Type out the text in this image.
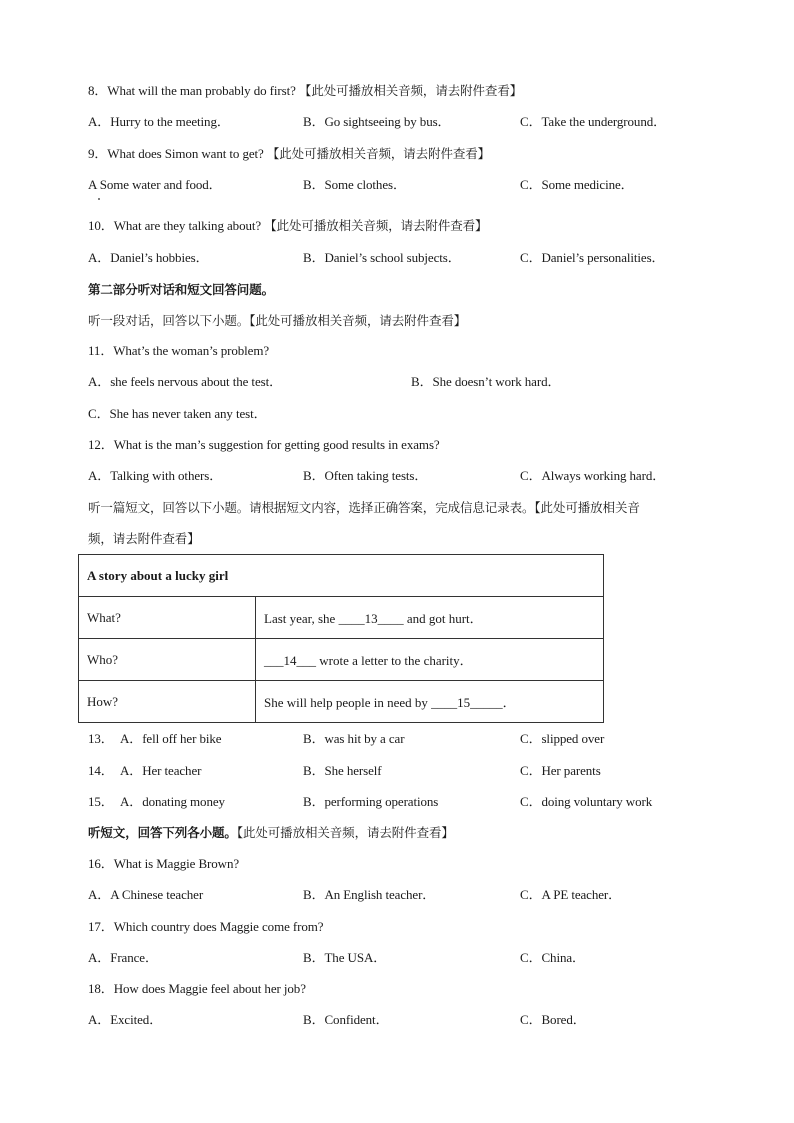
8．What will the man probably do first? 【此处可播放相关音频，请去附件查看】
A．Hurry to the meeting．	B．Go sightseeing by bus．	C．Take the underground．
9．What does Simon want to get? 【此处可播放相关音频，请去附件查看】
A Some water and food．	B．Some clothes．	C．Some medicine．
10．What are they talking about? 【此处可播放相关音频，请去附件查看】
A．Daniel’s hobbies．	B．Daniel’s school subjects．	C．Daniel’s personalities．
第二部分听对话和短文回答问题。
听一段对话，回答以下小题。【此处可播放相关音频，请去附件查看】
11．What’s the woman’s problem?
A．she feels nervous about the test．	B．She doesn’t work hard．
C．She has never taken any test．
12．What is the man’s suggestion for getting good results in exams?
A．Talking with others．	B．Often taking tests．	C．Always working hard．
听一篇短文，回答以下小题。请根据短文内容，选择正确答案，完成信息记录表。【此处可播放相关音
频，请去附件查看】
A story about a lucky girl	
What?	Last year, she ____13____ and got hurt．
Who?	___14___ wrote a letter to the charity．
How?	She will help people in need by ____15_____．
13． A．fell off her bike	B．was hit by a car	C．slipped over
14． A．Her teacher	B．She herself	C．Her parents
15． A．donating money	B．performing operations	C．doing voluntary work
听短文，回答下列各小题。【此处可播放相关音频，请去附件查看】
16．What is Maggie Brown?
A．A Chinese teacher	B．An English teacher．	C．A PE teacher．
17．Which country does Maggie come from?
A．France．	B．The USA．	C．China．
18．How does Maggie feel about her job?
A．Excited．	B．Confident．	C．Bored．
